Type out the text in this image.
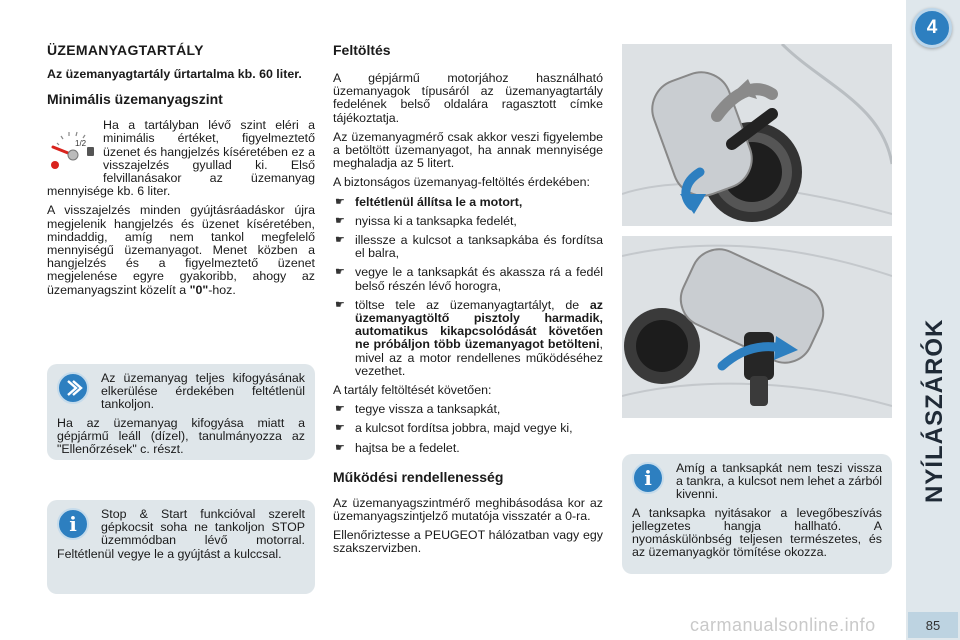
4
85
ÜZEMANYAGTARTÁLY

Az üzemanyagtartály űrtartalma kb. 60 liter.

Minimális üzemanyagszint
1/2

Ha a tartályban lévő szint eléri a minimális értéket, figyelmeztető üzenet és hangjelzés kíséretében ez a visszajelzés gyullad ki. Első felvillanásakor az üzemanyag mennyisége kb. 6 liter.

A visszajelzés minden gyújtásráadáskor újra megjelenik hangjelzés és üzenet kíséretében, mindaddig, amíg nem tankol megfelelő mennyiségű üzemanyagot. Menet közben a hangjelzés és a figyelmeztető üzenet megjelenése egyre gyakoribb, ahogy az üzemanyagszint közelít a "0"-hoz.

Az üzemanyag teljes kifogyásának elkerülése érdekében feltétlenül tankoljon.

Ha az üzemanyag kifogyása miatt a gépjármű leáll (dízel), tanulmányozza az "Ellenőrzések" c. részt.

i	Stop & Start funkcióval szerelt gépkocsit soha ne tankoljon STOP üzemmódban lévő motorral. Feltétlenül vegye le a gyújtást a kulccsal.

Feltöltés

A gépjármű motorjához használható üzemanyagok típusáról az üzemanyagtartály fedelének belső oldalára ragasztott címke tájékoztatja.

Az üzemanyagmérő csak akkor veszi figyelembe a betöltött üzemanyagot, ha annak mennyisége meghaladja az 5 litert.

A biztonságos üzemanyag-feltöltés érdekében:

☛ feltétlenül állítsa le a motort,
☛ nyissa ki a tanksapka fedelét,
☛ illessze a kulcsot a tanksapkába és fordítsa el balra,
☛ vegye le a tanksapkát és akassza rá a fedél belső részén lévő horogra,
☛ töltse tele az üzemanyagtartályt, de az üzemanyagtöltő pisztoly harmadik, automatikus kikapcsolódását követően ne próbáljon több üzemanyagot betölteni, mivel az a motor rendellenes működéséhez vezethet.

A tartály feltöltését követően:

☛ tegye vissza a tanksapkát,
☛ a kulcsot fordítsa jobbra, majd vegye ki,
☛ hajtsa be a fedelet.
Működési rendellenesség

Az üzemanyagszintmérő meghibásodása kor az üzemanyagszintjelző mutatója visszatér a 0-ra.

Ellenőriztesse a PEUGEOT hálózatban vagy egy szakszervizben.

i	Amíg a tanksapkát nem teszi vissza a tankra, a kulcsot nem lehet a zárból kivenni.

A tanksapka nyitásakor a levegőbeszívás jellegzetes hangja hallható. A nyomáskülönbség teljesen természetes, és az üzemanyagkör tömítése okozza.

carmanualsonline.info
